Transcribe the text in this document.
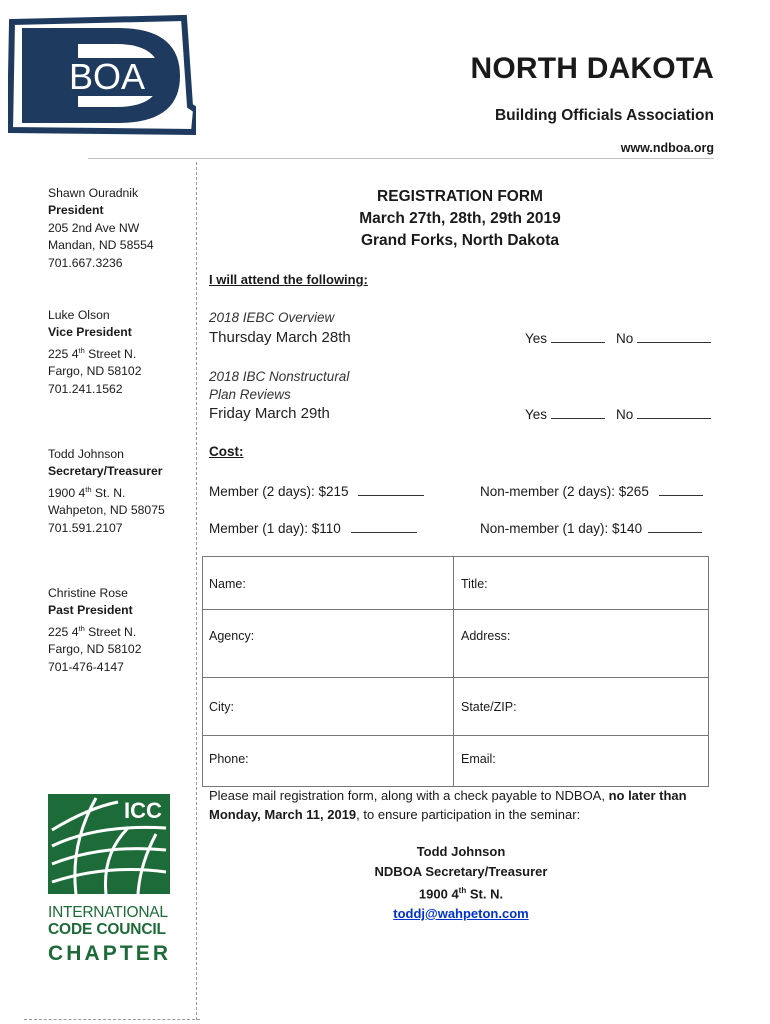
BOA	NORTH DAKOTA
Building Officials Association
www.ndboa.org
Shawn Ouradnik
President
205 2nd Ave NW
Mandan, ND 58554
701.667.3236
Luke Olson
Vice President
225 4th Street N.
Fargo, ND 58102
701.241.1562
Todd Johnson
Secretary/Treasurer
1900 4th St. N.
Wahpeton, ND 58075
701.591.2107
Christine Rose
Past President
225 4th Street N.
Fargo, ND 58102
701-476-4147
REGISTRATION FORM
March 27th, 28th, 29th 2019
Grand Forks, North Dakota
I will attend the following:
2018 IEBC Overview
Thursday March 28th	Yes	No
2018 IBC Nonstructural
Plan Reviews
Friday March 29th	Yes	No
Cost:
Member (2 days): $215	Non-member (2 days): $265
Member (1 day): $110	Non-member (1 day): $140
Name:	Title:
Agency:	Address:
City:	State/ZIP:
Phone:	Email:
Please mail registration form, along with a check payable to NDBOA, no later than Monday, March 11, 2019, to ensure participation in the seminar:
Todd Johnson
NDBOA Secretary/Treasurer
1900 4th St. N.
toddj@wahpeton.com
ICC
INTERNATIONAL
CODE COUNCIL
CHAPTER
